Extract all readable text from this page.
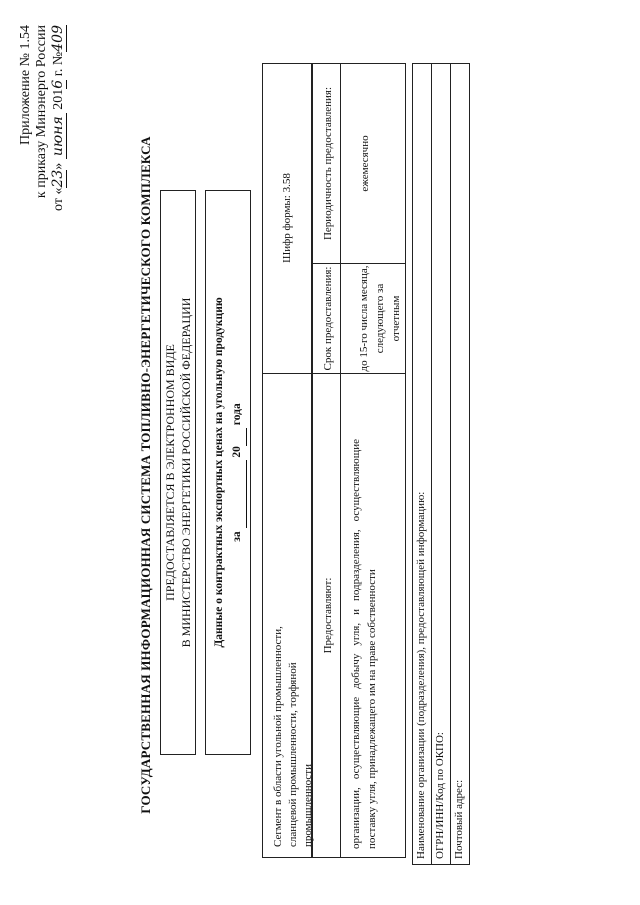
Приложение № 1.54 к приказу Минэнерго России
от «23» июня 2016 г. №409
ГОСУДАРСТВЕННАЯ ИНФОРМАЦИОННАЯ СИСТЕМА ТОПЛИВНО-ЭНЕРГЕТИЧЕСКОГО КОМПЛЕКСА ПРЕДОСТАВЛЯЕТСЯ В ЭЛЕКТРОННОМ ВИДЕ В МИНИСТЕРСТВО ЭНЕРГЕТИКИ РОССИЙСКОЙ ФЕДЕРАЦИИ Данные о контрактных экспортных ценах на угольную продукцию за   20  года
Сегмент в области угольной промышленности, сланцевой промышленности, торфяной промышленности
Шифр формы: 3.58
Предоставляют:
Срок предоставления:
Периодичность предоставления:
организации, осуществляющие добычу угля, и подразделения, осуществляющие поставку угля, принадлежащего им на праве собственности
до 15-го числа месяца, следующего за отчетным
ежемесячно
Наименование организации (подразделения), предоставляющей информацию: ОГРН/ИНН/Код по ОКПО: Почтовый адрес:
